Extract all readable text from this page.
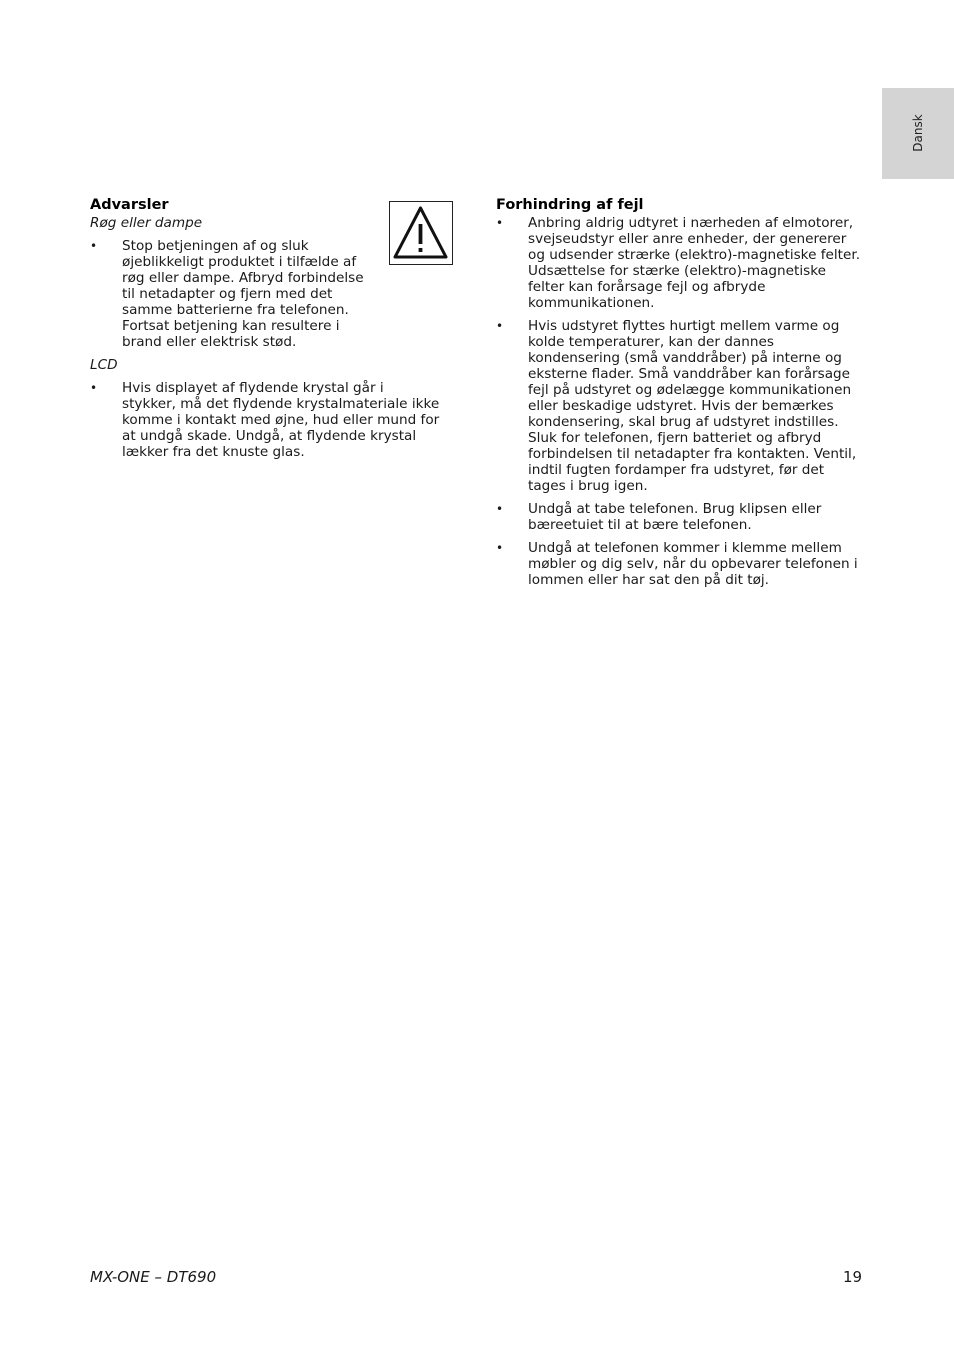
Dansk
Advarsler

Røg eller dampe

• Stop betjeningen af og sluk øjeblikkeligt produktet i tilfælde af røg eller dampe. Afbryd forbindelse til netadapter og fjern med det samme batterierne fra telefonen. Fortsat betjening kan resultere i brand eller elektrisk stød.

LCD

• Hvis displayet af flydende krystal går i stykker, må det flydende krystalmateriale ikke komme i kontakt med øjne, hud eller mund for at undgå skade. Undgå, at flydende krystal lækker fra det knuste glas.
Forhindring af fejl
• Anbring aldrig udtyret i nærheden af elmotorer, svejseudstyr eller anre enheder, der genererer og udsender strærke (elektro)-magnetiske felter. Udsættelse for stærke (elektro)-magnetiske felter kan forårsage fejl og afbryde kommunikationen.
• Hvis udstyret flyttes hurtigt mellem varme og kolde temperaturer, kan der dannes kondensering (små vanddråber) på interne og eksterne flader. Små vanddråber kan forårsage fejl på udstyret og ødelægge kommunikationen eller beskadige udstyret. Hvis der bemærkes kondensering, skal brug af udstyret indstilles. Sluk for telefonen, fjern batteriet og afbryd forbindelsen til netadapter fra kontakten. Ventil, indtil fugten fordamper fra udstyret, før det tages i brug igen.
• Undgå at tabe telefonen. Brug klipsen eller bæreetuiet til at bære telefonen.
• Undgå at telefonen kommer i klemme mellem møbler og dig selv, når du opbevarer telefonen i lommen eller har sat den på dit tøj.
MX-ONE – DT690	19
